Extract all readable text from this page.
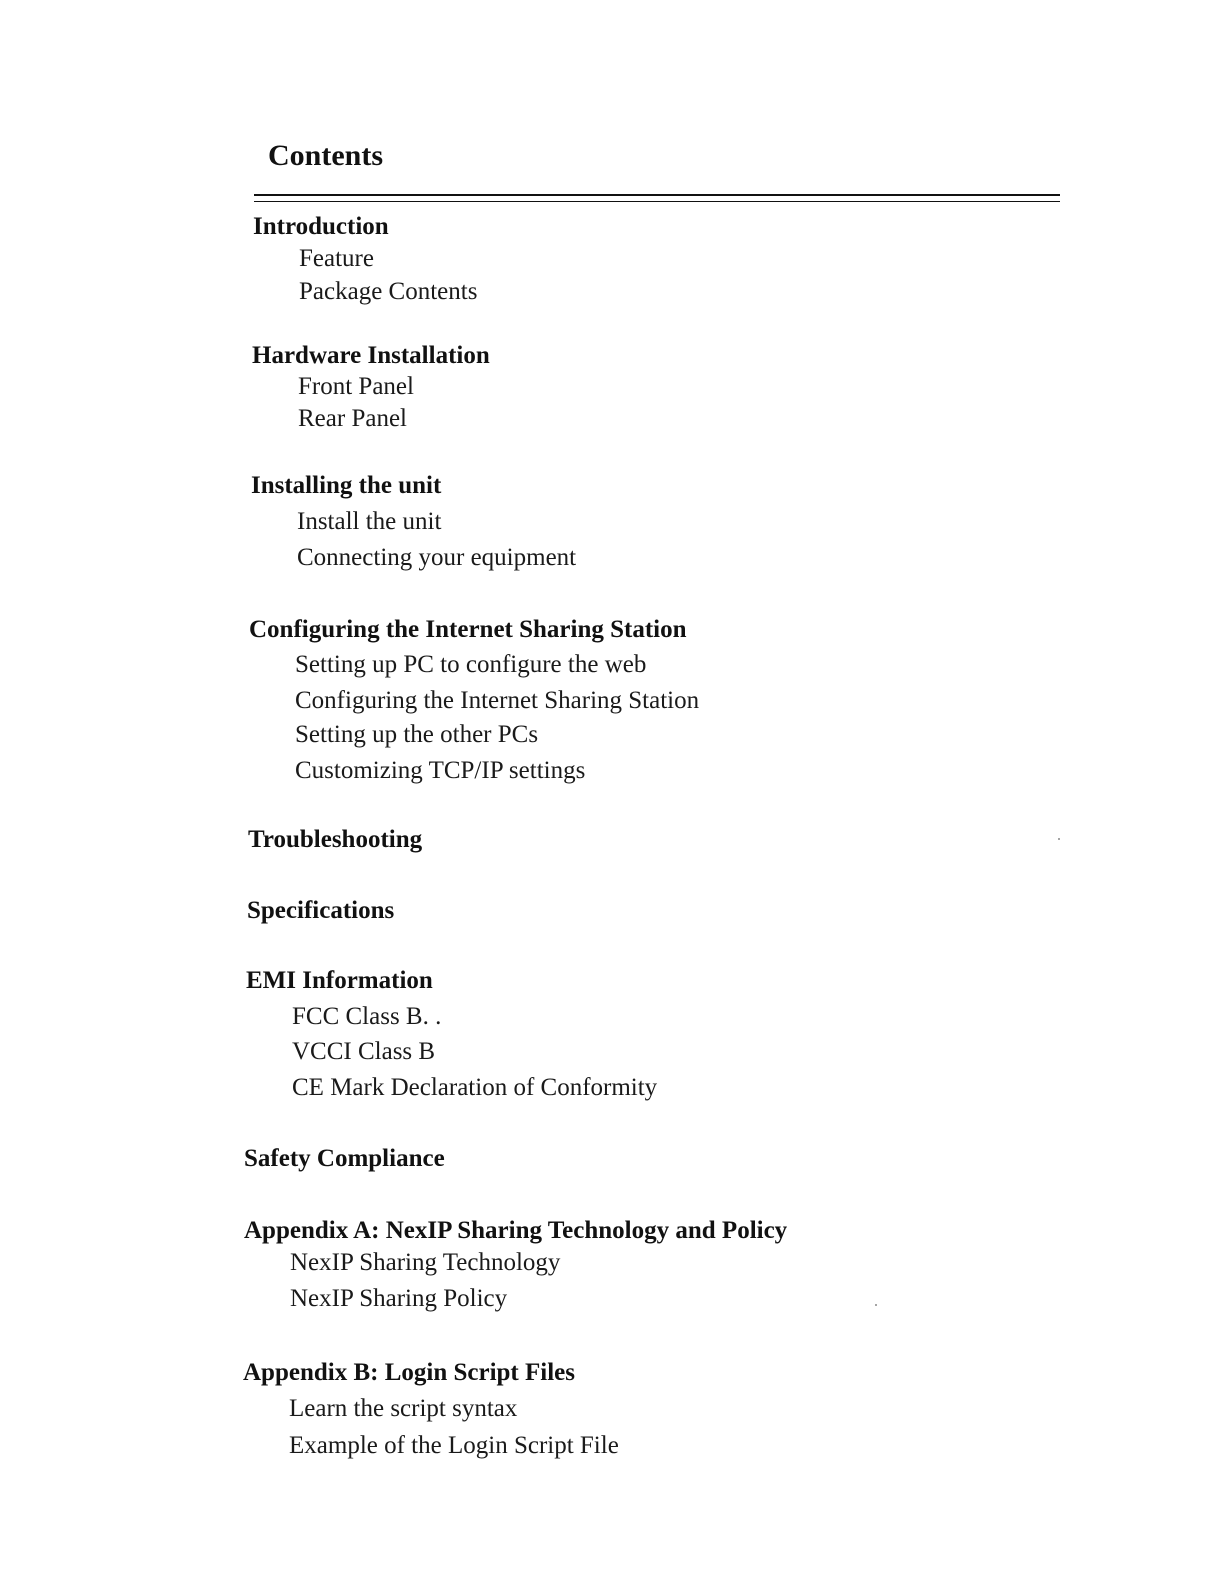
Contents
Introduction
Feature
Package Contents
Hardware Installation
Front Panel
Rear Panel
Installing the unit
Install the unit
Connecting your equipment
Configuring the Internet Sharing Station
Setting up PC to configure the web
Configuring the Internet Sharing Station
Setting up the other PCs
Customizing TCP/IP settings
Troubleshooting
Specifications
EMI Information
FCC Class B. .
VCCI Class B
CE Mark Declaration of Conformity
Safety Compliance
Appendix A: NexIP Sharing Technology and Policy
NexIP Sharing Technology
NexIP Sharing Policy
Appendix B: Login Script Files
Learn the script syntax
Example of the Login Script File
